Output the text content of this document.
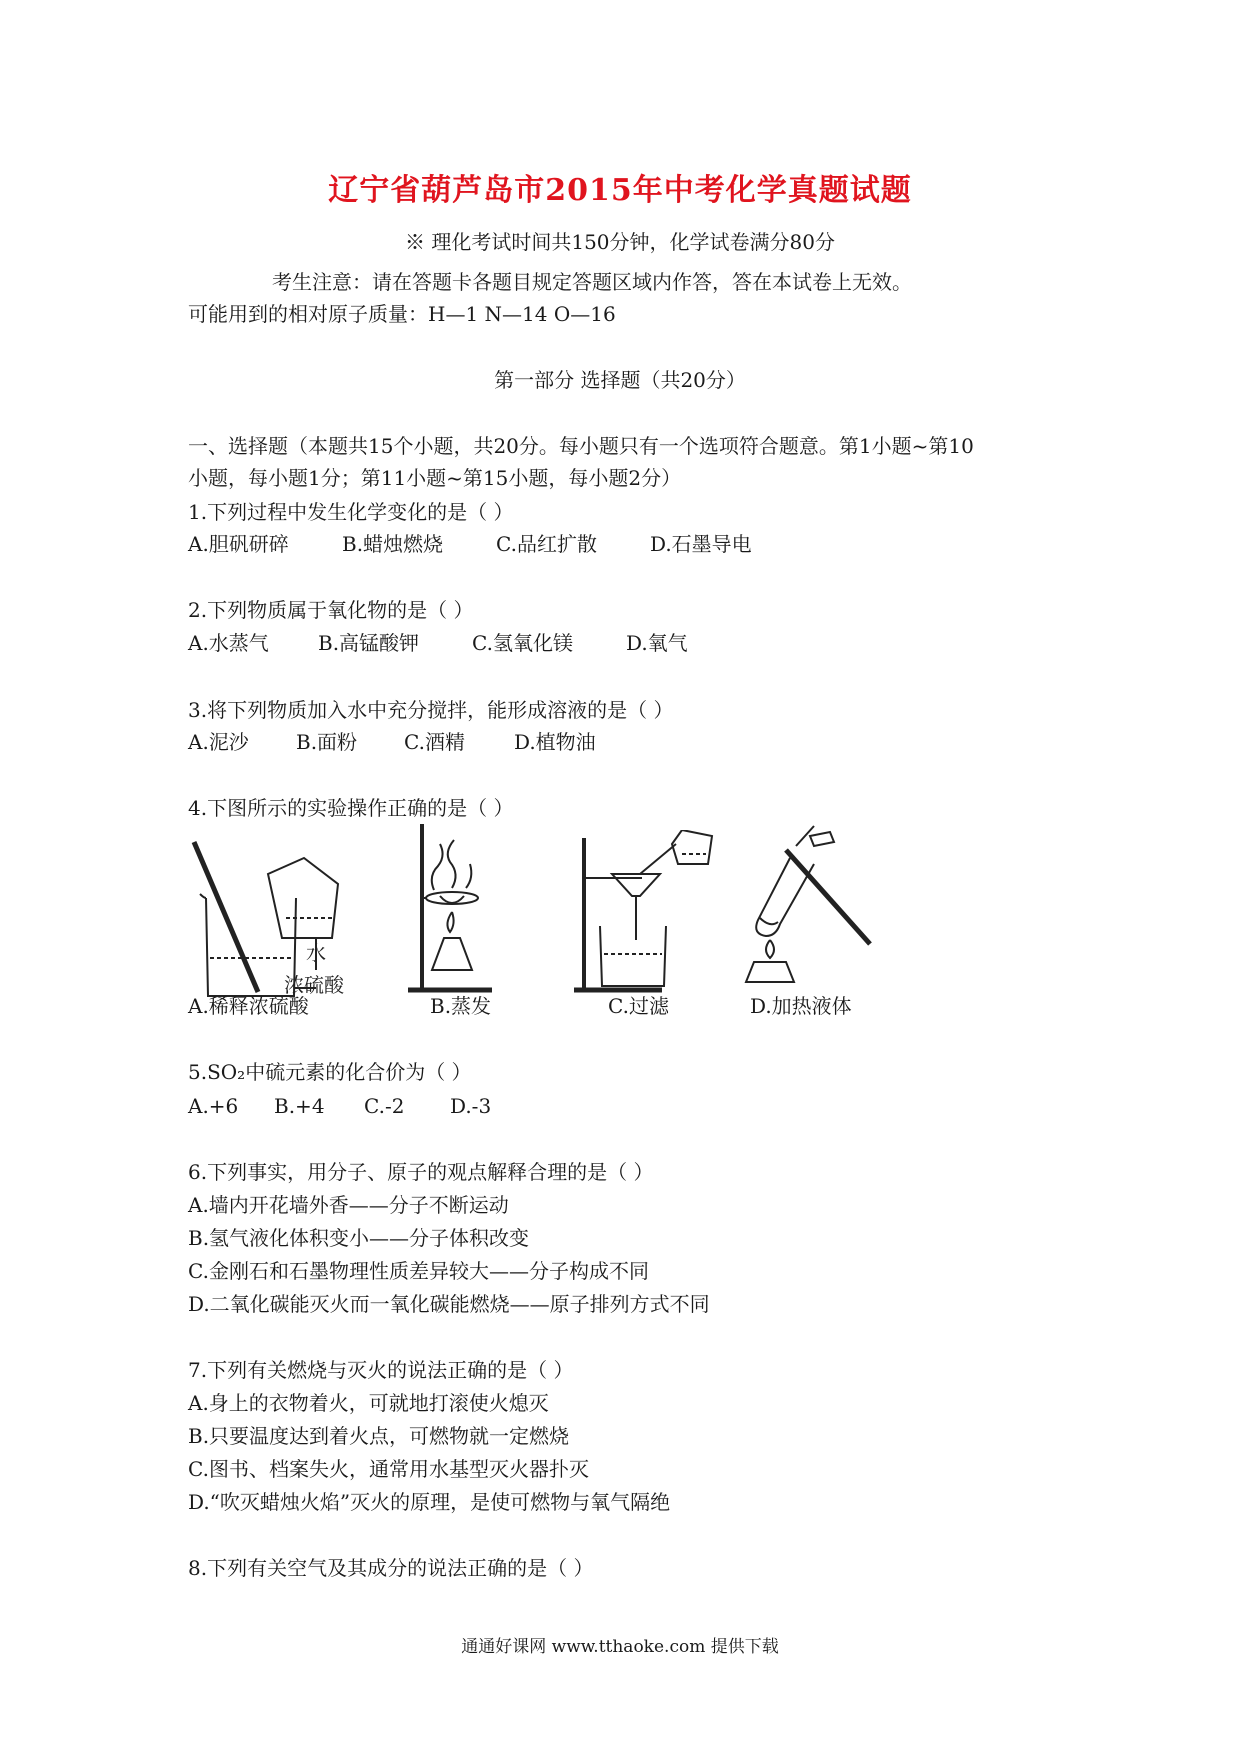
辽宁省葫芦岛市2015年中考化学真题试题
※ 理化考试时间共150分钟，化学试卷满分80分
考生注意：请在答题卡各题目规定答题区域内作答，答在本试卷上无效。
可能用到的相对原子质量：H—1 N—14 O—16
第一部分 选择题（共20分）
一、选择题（本题共15个小题，共20分。每小题只有一个选项符合题意。第1小题~第10
小题，每小题1分；第11小题~第15小题，每小题2分）
1.下列过程中发生化学变化的是（ ）
A.胆矾研碎	B.蜡烛燃烧	C.品红扩散	D.石墨导电
2.下列物质属于氧化物的是（ ）
A.水蒸气 B.高锰酸钾	C.氢氧化镁	D.氧气
3.将下列物质加入水中充分搅拌，能形成溶液的是（ ）
A.泥沙 B.面粉 C.酒精 D.植物油
4.下图所示的实验操作正确的是（ ）
水
浓硫酸
A.稀释浓硫酸	B.蒸发	C.过滤	D.加热液体
5.SO₂中硫元素的化合价为（ ）
A.+6 B.+4 C.-2 D.-3
6.下列事实，用分子、原子的观点解释合理的是（ ）
A.墙内开花墙外香——分子不断运动
B.氢气液化体积变小——分子体积改变
C.金刚石和石墨物理性质差异较大——分子构成不同
D.二氧化碳能灭火而一氧化碳能燃烧——原子排列方式不同
7.下列有关燃烧与灭火的说法正确的是（ ）
A.身上的衣物着火，可就地打滚使火熄灭
B.只要温度达到着火点，可燃物就一定燃烧
C.图书、档案失火，通常用水基型灭火器扑灭
D.“吹灭蜡烛火焰”灭火的原理，是使可燃物与氧气隔绝
8.下列有关空气及其成分的说法正确的是（ ）
通通好课网 www.tthaoke.com 提供下载
